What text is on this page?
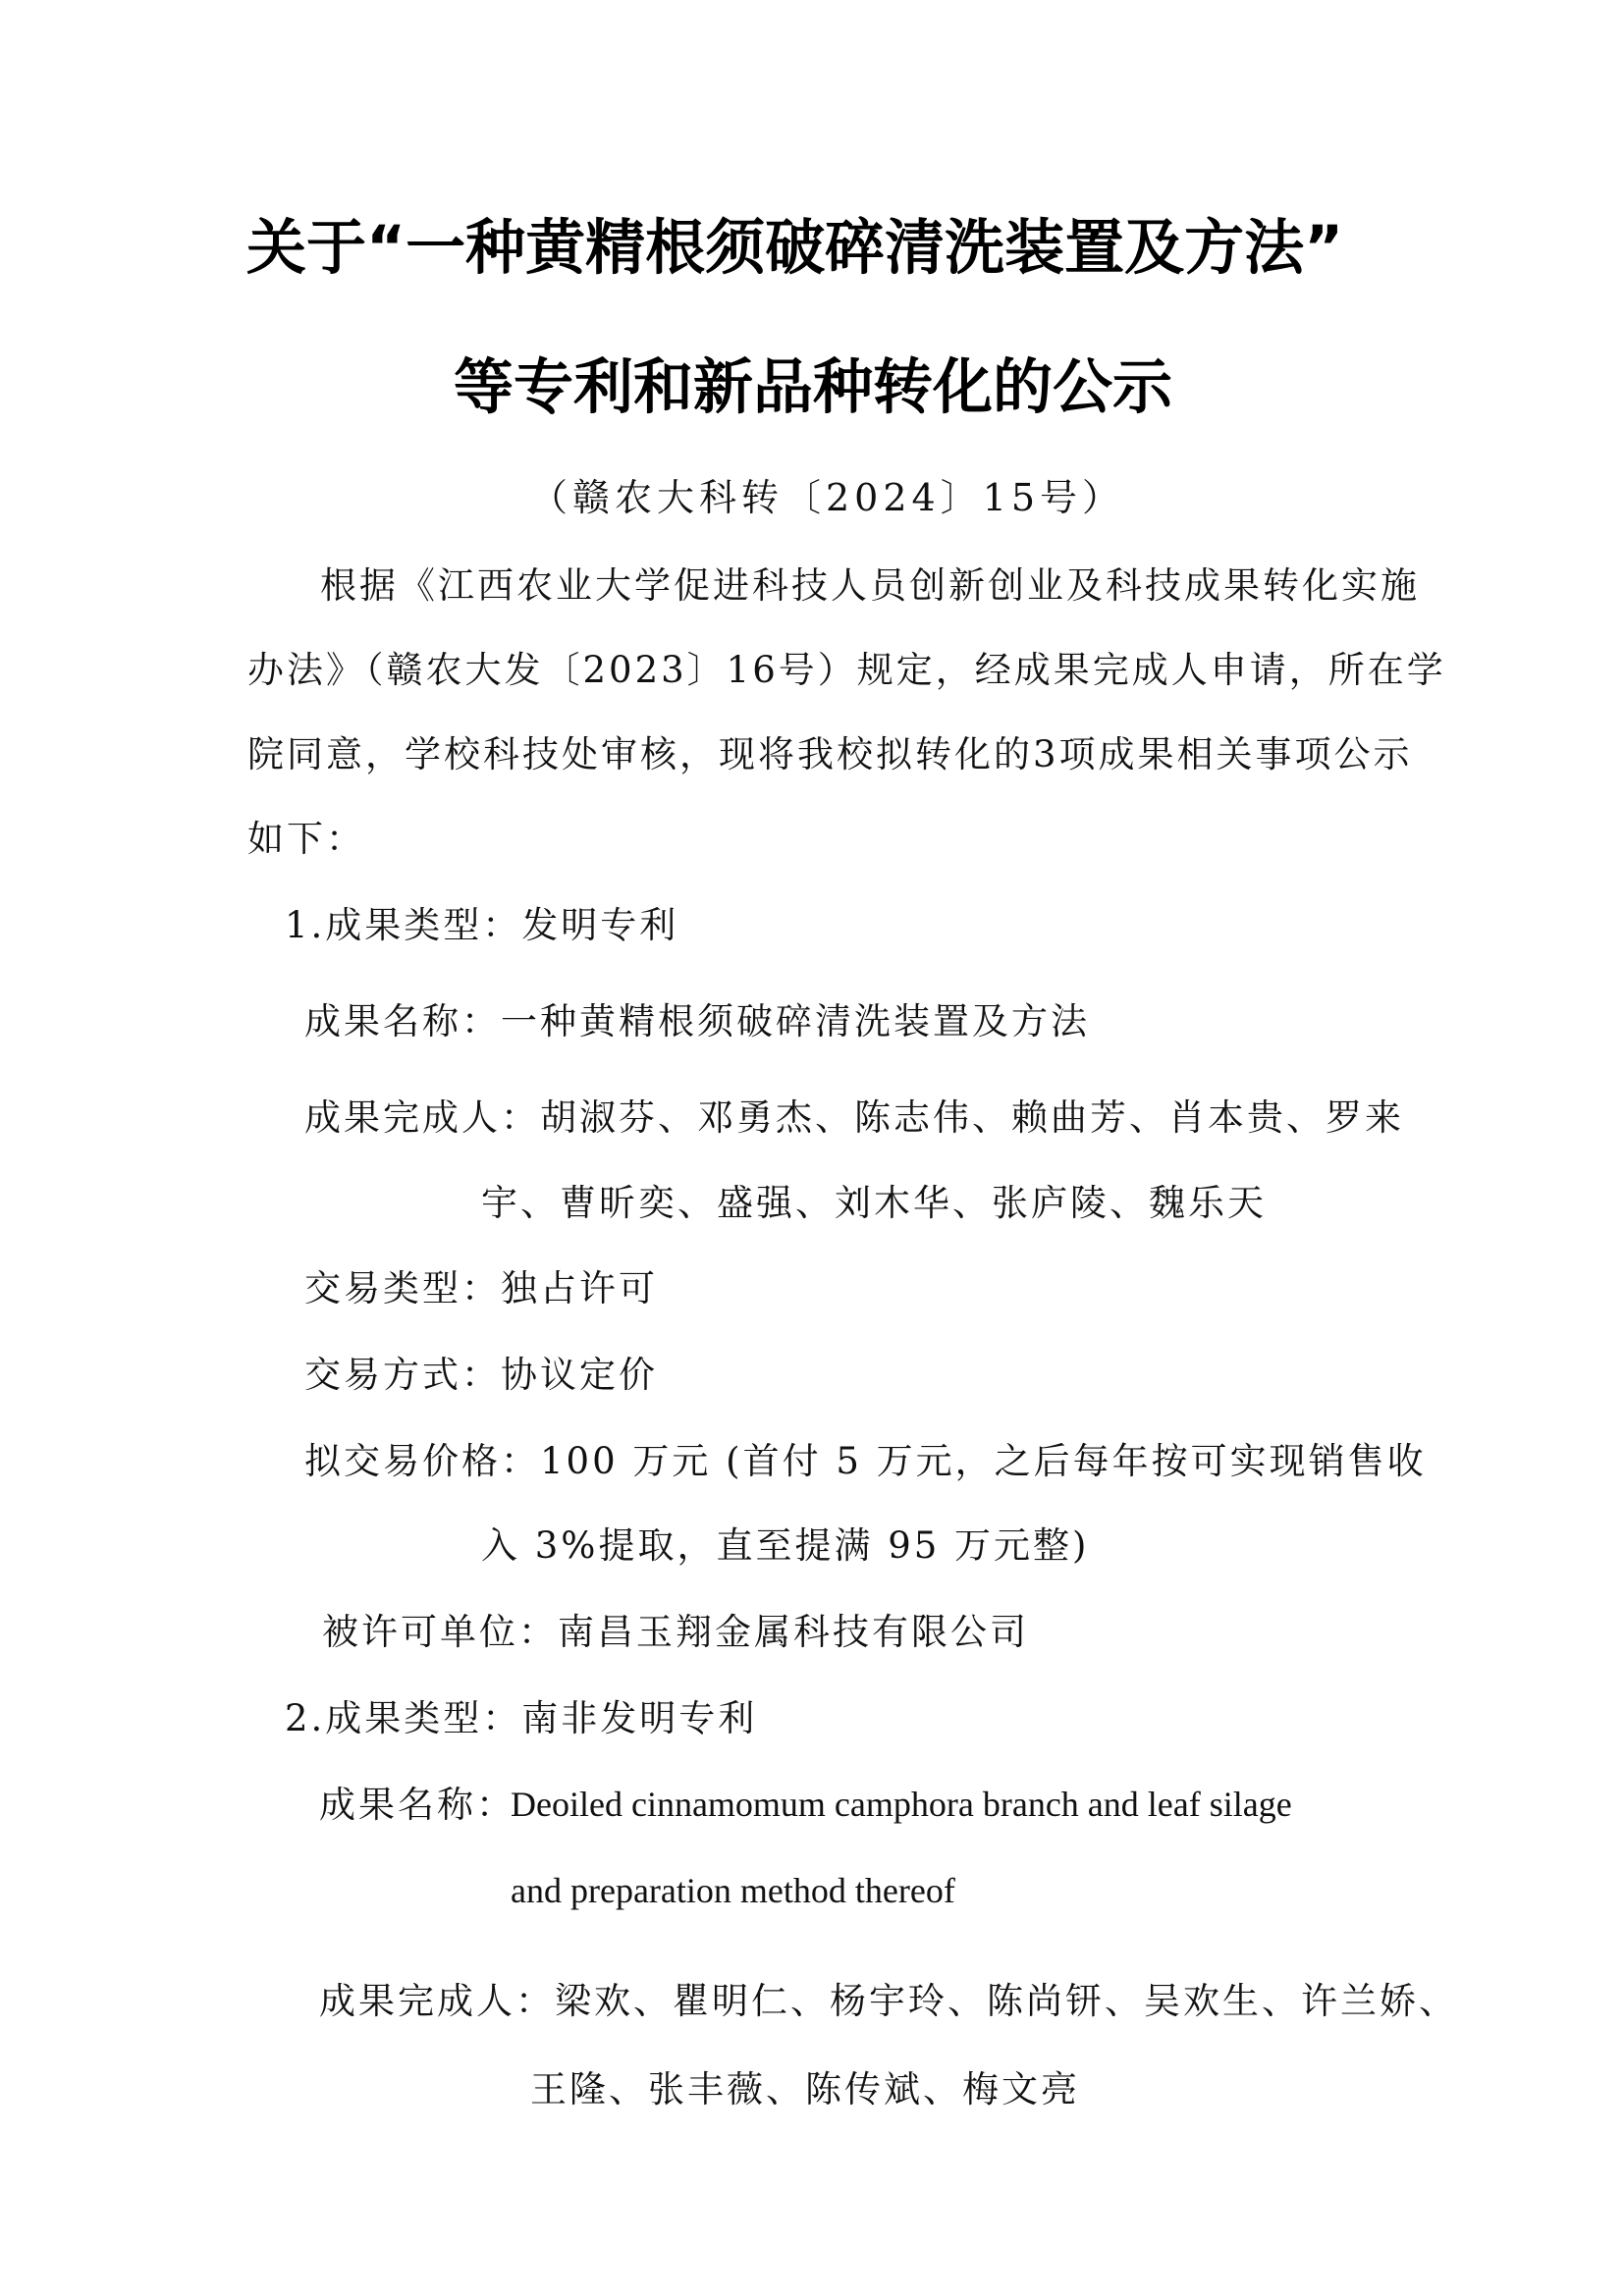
关于“一种黄精根须破碎清洗装置及方法”
等专利和新品种转化的公示
（赣农大科转〔2024〕15号）
根据《江西农业大学促进科技人员创新创业及科技成果转化实施
办法》（赣农大发〔2023〕16号）规定，经成果完成人申请，所在学
院同意，学校科技处审核，现将我校拟转化的3项成果相关事项公示
如下：
1.成果类型：发明专利
成果名称：一种黄精根须破碎清洗装置及方法
成果完成人：胡淑芬、邓勇杰、陈志伟、赖曲芳、肖本贵、罗来
宇、曹昕奕、盛强、刘木华、张庐陵、魏乐天
交易类型：独占许可
交易方式：协议定价
拟交易价格：100 万元 (首付 5 万元，之后每年按可实现销售收
入 3%提取，直至提满 95 万元整)
被许可单位：南昌玉翔金属科技有限公司
2.成果类型：南非发明专利
成果名称：
Deoiled cinnamomum camphora branch and leaf silage
and preparation method thereof
成果完成人：梁欢、瞿明仁、杨宇玲、陈尚钘、吴欢生、许兰娇、
王隆、张丰薇、陈传斌、梅文亮
